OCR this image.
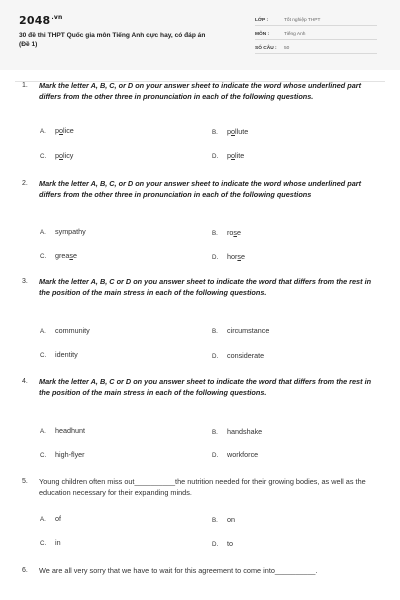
$2048^{.vn}$
30 đề thi THPT Quốc gia môn Tiếng Anh cực hay, có đáp án (Đề 1)
LỚP :	Tốt nghiệp THPT
MÔN :	Tiếng Anh
SỐ CÂU : 50
1. Mark the letter A, B, C, or D on your answer sheet to indicate the word whose underlined part differs from the other three in pronunciation in each of the following questions.
A. police	B. pollute
C. policy	D. polite
2. Mark the letter A, B, C, or D on your answer sheet to indicate the word whose underlined part differs from the other three in pronunciation in each of the following questions
A. sympathy	B. rose
C. grease	D. horse
3. Mark the letter A, B, C or D on you answer sheet to indicate the word that differs from the rest in the position of the main stress in each of the following questions.
A. community	B. circumstance
C. identity	D. considerate
4. Mark the letter A, B, C or D on you answer sheet to indicate the word that differs from the rest in the position of the main stress in each of the following questions.
A. headhunt	B. handshake
C. high-flyer	D. workforce
5. Young children often miss out__________the nutrition needed for their growing bodies, as well as the education necessary for their expanding minds.
A. of	B. on
C. in	D. to
6. We are all very sorry that we have to wait for this agreement to come into__________.
